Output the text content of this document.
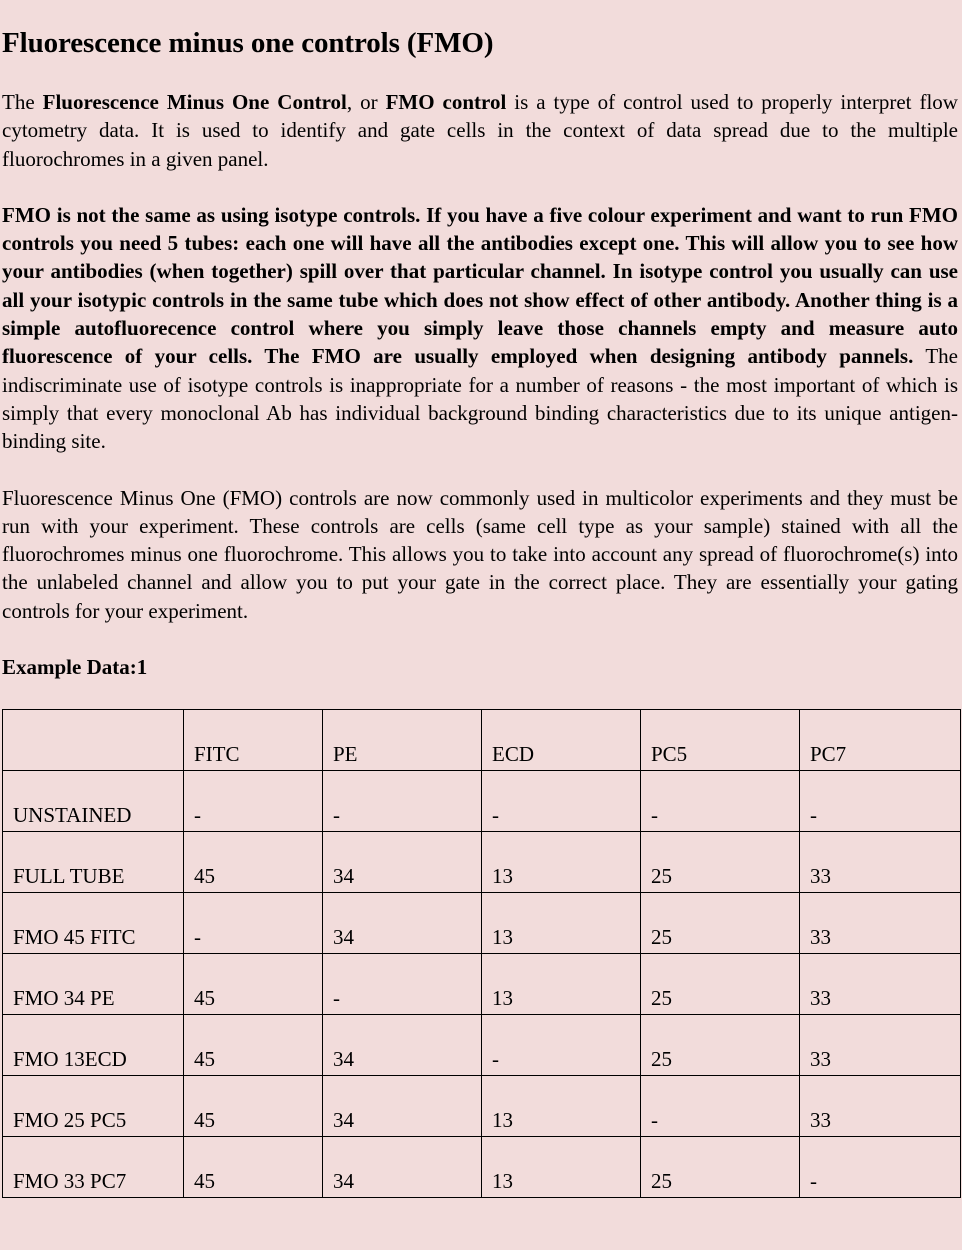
Fluorescence minus one controls (FMO)

The Fluorescence Minus One Control, or FMO control is a type of control used to properly interpret flow cytometry data. It is used to identify and gate cells in the context of data spread due to the multiple fluorochromes in a given panel.

FMO is not the same as using isotype controls. If you have a five colour experiment and want to run FMO controls you need 5 tubes: each one will have all the antibodies except one. This will allow you to see how your antibodies (when together) spill over that particular channel. In isotype control you usually can use all your isotypic controls in the same tube which does not show effect of other antibody. Another thing is a simple autofluorecence control where you simply leave those channels empty and measure auto fluorescence of your cells. The FMO are usually employed when designing antibody pannels. The indiscriminate use of isotype controls is inappropriate for a number of reasons - the most important of which is simply that every monoclonal Ab has individual background binding characteristics due to its unique antigen-binding site.

Fluorescence Minus One (FMO) controls are now commonly used in multicolor experiments and they must be run with your experiment. These controls are cells (same cell type as your sample) stained with all the fluorochromes minus one fluorochrome. This allows you to take into account any spread of fluorochrome(s) into the unlabeled channel and allow you to put your gate in the correct place. They are essentially your gating controls for your experiment.

Example Data:1

	FITC	PE	ECD	PC5	PC7
UNSTAINED	-	-	-	-	-
FULL TUBE	45	34	13	25	33
FMO 45 FITC	-	34	13	25	33
FMO 34 PE	45	-	13	25	33
FMO 13ECD	45	34	-	25	33
FMO 25 PC5	45	34	13	-	33
FMO 33 PC7	45	34	13	25	-
